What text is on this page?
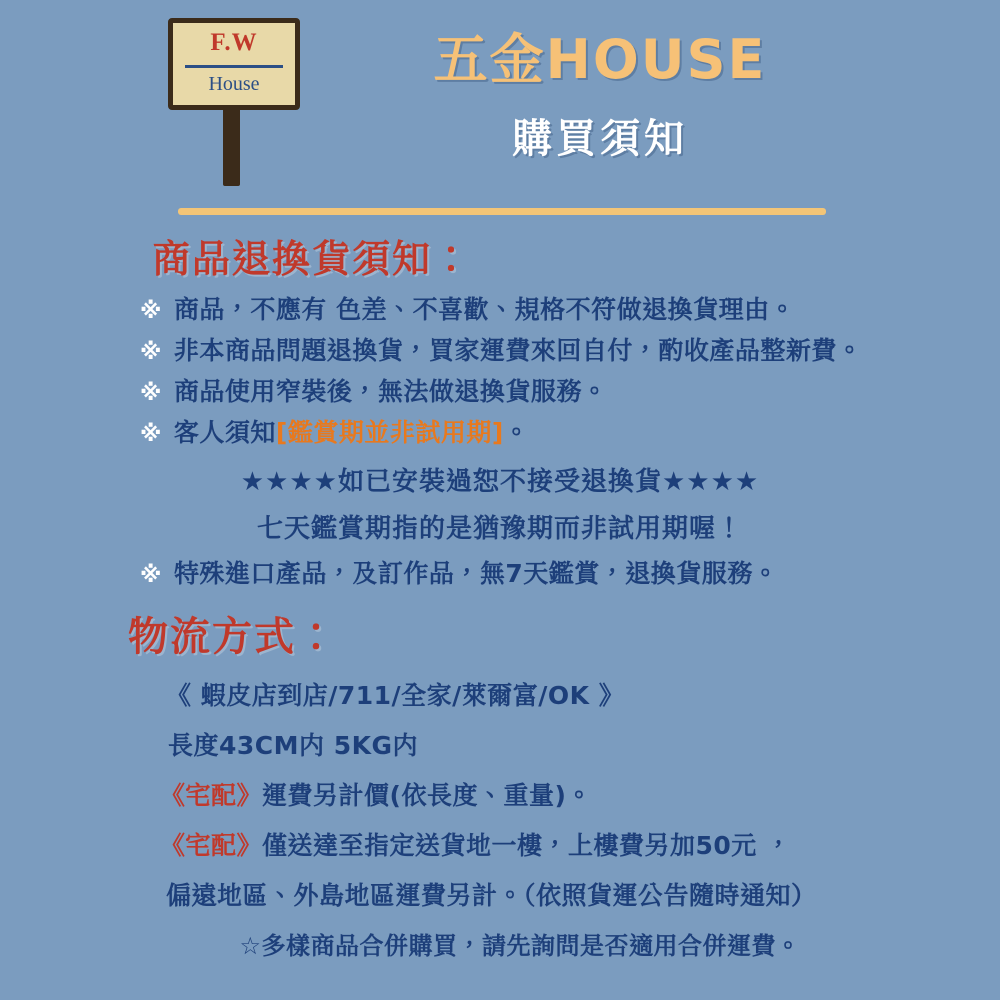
F.W
House	五金HOUSE
購買須知
商品退換貨須知：
※ 商品，不應有 色差、不喜歡、規格不符做退換貨理由。
※ 非本商品問題退換貨，買家運費來回自付，酌收產品整新費。
※ 商品使用窄裝後，無法做退換貨服務。
※ 客人須知[鑑賞期並非試用期]。
★★★★如已安裝過恕不接受退換貨★★★★
七天鑑賞期指的是猶豫期而非試用期喔！
※ 特殊進口產品，及訂作品，無7天鑑賞，退換貨服務。
物流方式：
《 蝦皮店到店/711/全家/萊爾富/OK 》
長度43CM内 5KG内
《宅配》運費另計價(依長度、重量)。
《宅配》僅送達至指定送貨地一樓，上樓費另加50元 ，
偏遠地區、外島地區運費另計。（依照貨運公告隨時通知）
☆多樣商品合併購買，請先詢問是否適用合併運費。
